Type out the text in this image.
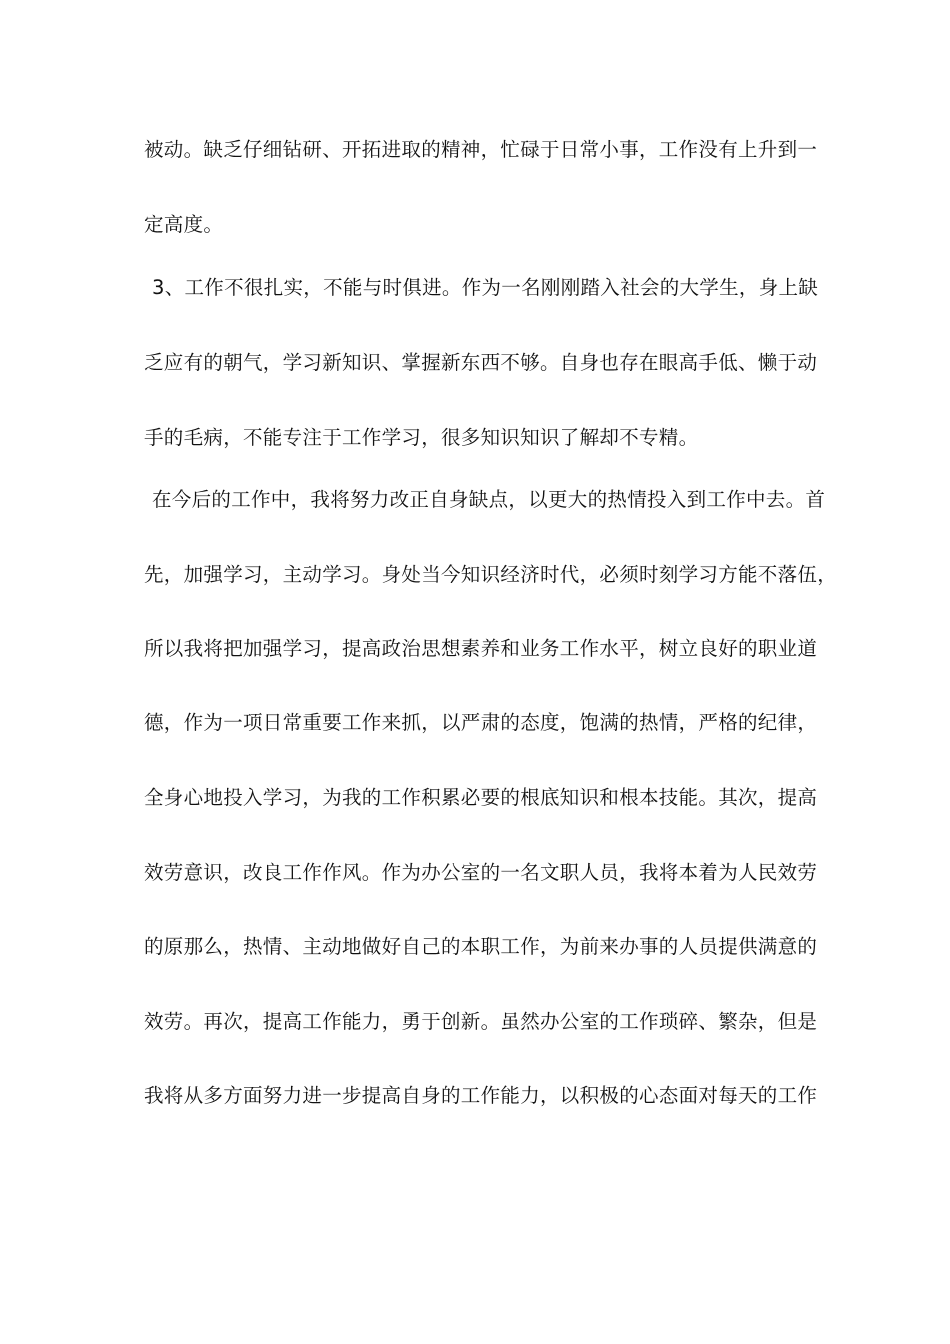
被动。缺乏仔细钻研、开拓进取的精神，忙碌于日常小事，工作没有上升到一
定高度。
3、工作不很扎实，不能与时俱进。作为一名刚刚踏入社会的大学生，身上缺
乏应有的朝气，学习新知识、掌握新东西不够。自身也存在眼高手低、懒于动
手的毛病，不能专注于工作学习，很多知识知识了解却不专精。
在今后的工作中，我将努力改正自身缺点，以更大的热情投入到工作中去。首
先，加强学习，主动学习。身处当今知识经济时代，必须时刻学习方能不落伍，
所以我将把加强学习，提高政治思想素养和业务工作水平，树立良好的职业道
德，作为一项日常重要工作来抓，以严肃的态度，饱满的热情，严格的纪律，
全身心地投入学习，为我的工作积累必要的根底知识和根本技能。其次，提高
效劳意识，改良工作作风。作为办公室的一名文职人员，我将本着为人民效劳
的原那么，热情、主动地做好自己的本职工作，为前来办事的人员提供满意的
效劳。再次，提高工作能力，勇于创新。虽然办公室的工作琐碎、繁杂，但是
我将从多方面努力进一步提高自身的工作能力，以积极的心态面对每天的工作
